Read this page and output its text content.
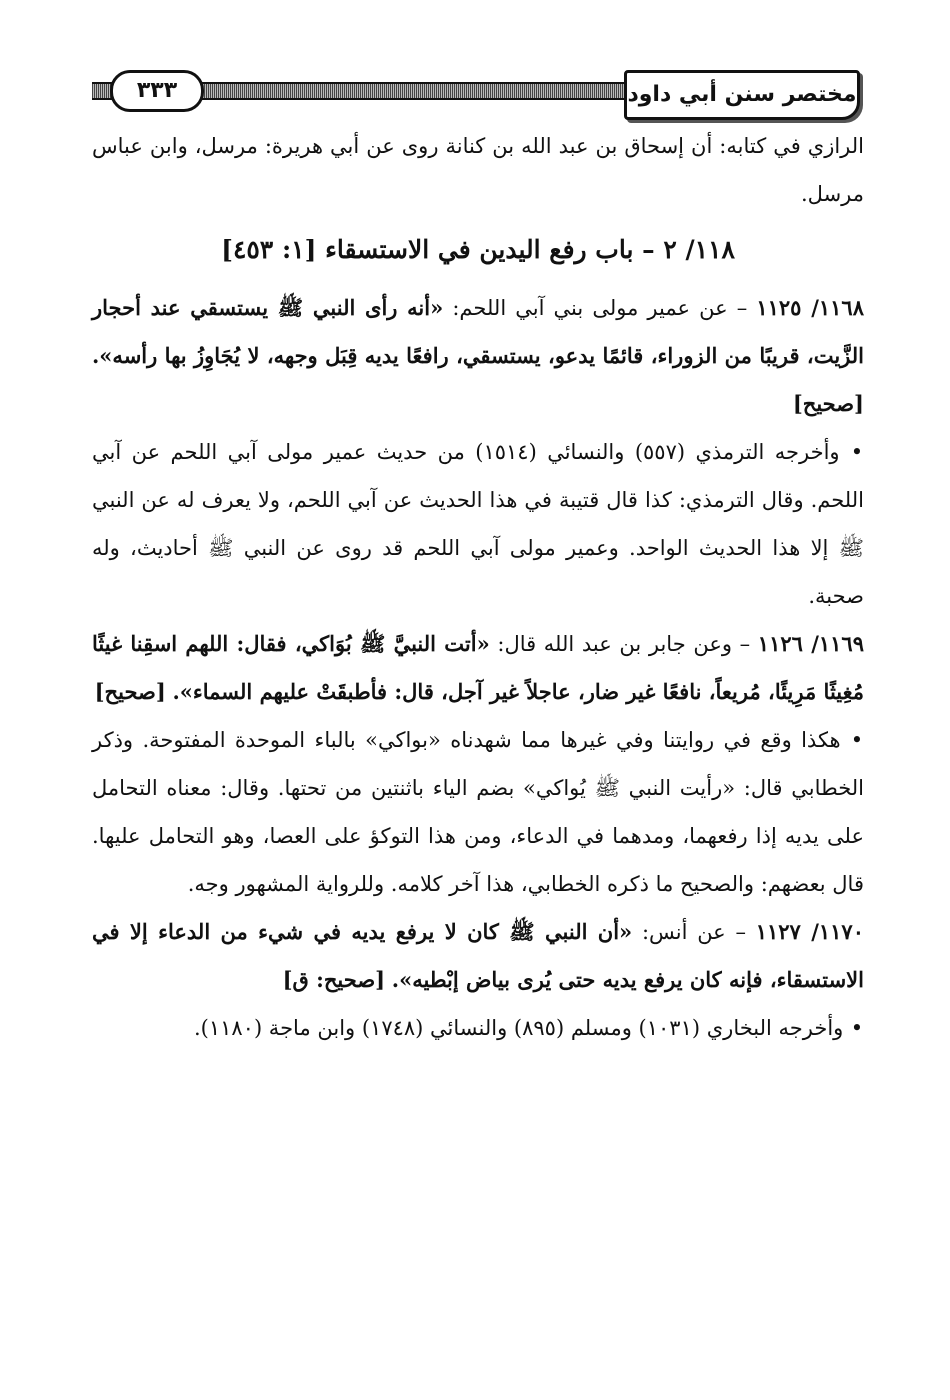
٣٣٣	مختصر سنن أبي داود

الرازي في كتابه: أن إسحاق بن عبد الله بن كنانة روى عن أبي هريرة: مرسل، وابن عباس مرسل.

١١٨/ ٢ – باب رفع اليدين في الاستسقاء [١: ٤٥٣]

١١٦٨/ ١١٢٥ – عن عمير مولى بني آبي اللحم: «أنه رأى النبي ﷺ يستسقي عند أحجار الزَّيت، قريبًا من الزوراء، قائمًا يدعو، يستسقي، رافعًا يديه قِبَل وجهه، لا يُجَاوِزُ بها رأسه». [صحيح]

• وأخرجه الترمذي (٥٥٧) والنسائي (١٥١٤) من حديث عمير مولى آبي اللحم عن آبي اللحم. وقال الترمذي: كذا قال قتيبة في هذا الحديث عن آبي اللحم، ولا يعرف له عن النبي ﷺ إلا هذا الحديث الواحد. وعمير مولى آبي اللحم قد روى عن النبي ﷺ أحاديث، وله صحبة.

١١٦٩/ ١١٢٦ – وعن جابر بن عبد الله قال: «أتت النبيَّ ﷺ بُوَاكي، فقال: اللهم اسقِنا غيثًا مُغِيثًا مَرِيئًا، مُريعاً، نافعًا غير ضار، عاجلاً غير آجل، قال: فأطبقَتْ عليهم السماء». [صحيح]

• هكذا وقع في روايتنا وفي غيرها مما شهدناه «بواكي» بالباء الموحدة المفتوحة. وذكر الخطابي قال: «رأيت النبي ﷺ يُواكي» بضم الياء باثنتين من تحتها. وقال: معناه التحامل على يديه إذا رفعهما، ومدهما في الدعاء، ومن هذا التوكؤ على العصا، وهو التحامل عليها. قال بعضهم: والصحيح ما ذكره الخطابي، هذا آخر كلامه. وللرواية المشهور وجه.

١١٧٠/ ١١٢٧ – عن أنس: «أن النبي ﷺ كان لا يرفع يديه في شيء من الدعاء إلا في الاستسقاء، فإنه كان يرفع يديه حتى يُرى بياض إبْطيه». [صحيح: ق]

• وأخرجه البخاري (١٠٣١) ومسلم (٨٩٥) والنسائي (١٧٤٨) وابن ماجة (١١٨٠).
